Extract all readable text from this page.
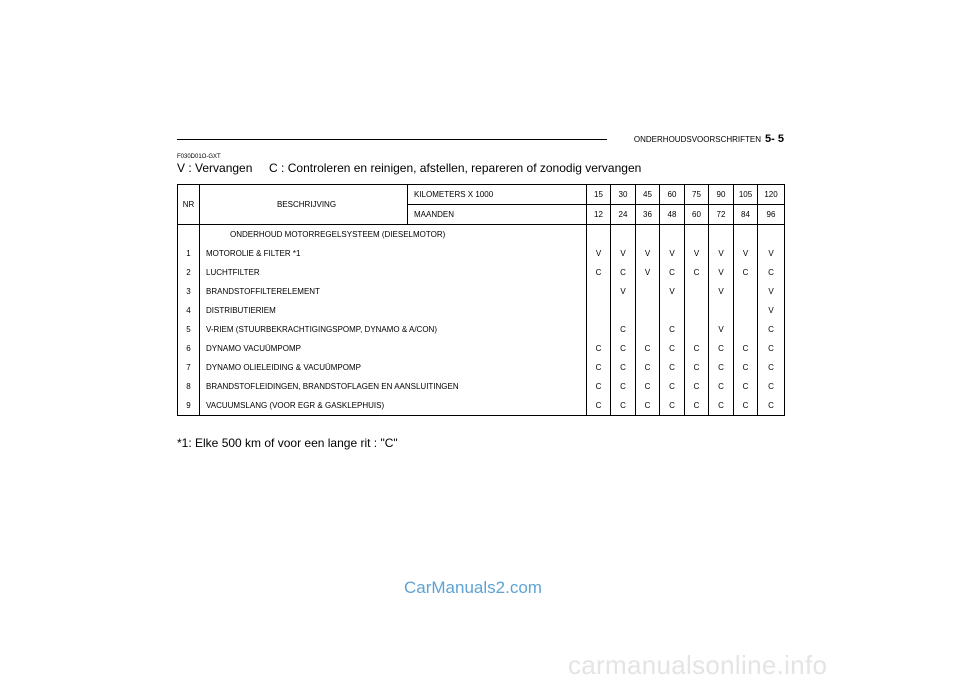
ONDERHOUDSVOORSCHRIFTEN 5- 5
F030D01O-GXT
V : Vervangen     C : Controleren en reinigen, afstellen, repareren of zonodig vervangen
NR	BESCHRIJVING	KILOMETERS X 1000	15	30	45	60	75	90	105	120
		MAANDEN	12	24	36	48	60	72	84	96
	ONDERHOUD MOTORREGELSYSTEEM (DIESELMOTOR)									
1	MOTOROLIE & FILTER *1		V	V	V	V	V	V	V	V
2	LUCHTFILTER		C	C	V	C	C	V	C	C
3	BRANDSTOFFILTERELEMENT			V		V		V		V
4	DISTRIBUTIERIEM									V
5	V-RIEM (STUURBEKRACHTIGINGSPOMP, DYNAMO & A/CON)			C		C		V		C
6	DYNAMO VACUÜMPOMP		C	C	C	C	C	C	C	C
7	DYNAMO OLIELEIDING & VACUÜMPOMP		C	C	C	C	C	C	C	C
8	BRANDSTOFLEIDINGEN, BRANDSTOFLAGEN EN AANSLUITINGEN		C	C	C	C	C	C	C	C
9	VACUUMSLANG (VOOR EGR & GASKLEPHUIS)		C	C	C	C	C	C	C	C
*1: Elke 500 km of voor een lange rit : "C"
CarManuals2.com
carmanualsonline.info
